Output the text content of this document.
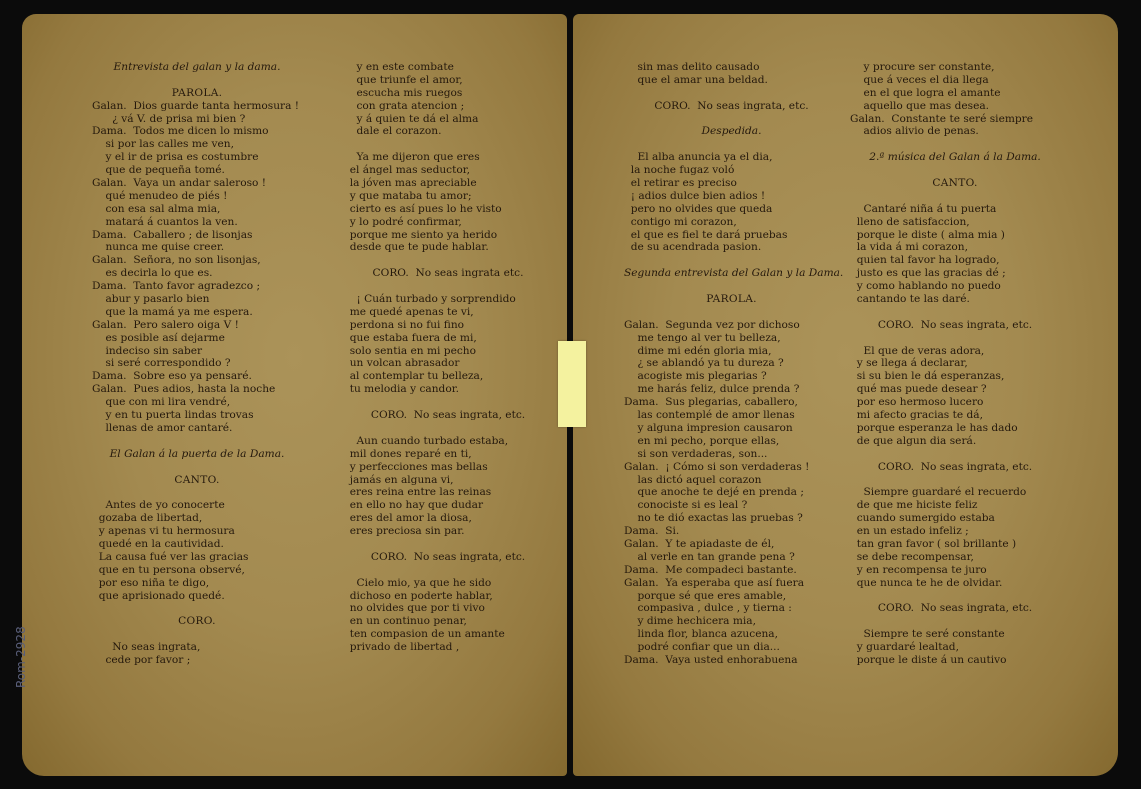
Entrevista del galan y la dama.
PAROLA.
Galan.  Dios guarde tanta hermosura !
¿ vá V. de prisa mi bien ?
Dama.  Todos me dicen lo mismo
si por las calles me ven,
y el ir de prisa es costumbre
que de pequeña tomé.
Galan.  Vaya un andar saleroso !
qué menudeo de piés !
con esa sal alma mia,
matará á cuantos la ven.
Dama.  Caballero ; de lisonjas
nunca me quise creer.
Galan.  Señora, no son lisonjas,
es decirla lo que es.
Dama.  Tanto favor agradezco ;
abur y pasarlo bien
que la mamá ya me espera.
Galan.  Pero salero oiga V !
es posible así dejarme
indeciso sin saber
si seré correspondido ?
Dama.  Sobre eso ya pensaré.
Galan.  Pues adios, hasta la noche
que con mi lira vendré,
y en tu puerta lindas trovas
llenas de amor cantaré.
El Galan á la puerta de la Dama.
CANTO.
Antes de yo conocerte
gozaba de libertad,
y apenas vi tu hermosura
quedé en la cautividad.
La causa fué ver las gracias
que en tu persona observé,
por eso niña te digo,
que aprisionado quedé.
CORO.
No seas ingrata,
cede por favor ;
y en este combate
que triunfe el amor,
escucha mis ruegos
con grata atencion ;
y á quien te dá el alma
dale el corazon.
Ya me dijeron que eres
el ángel mas seductor,
la jóven mas apreciable
y que mataba tu amor;
cierto es así pues lo he visto
y lo podré confirmar,
porque me siento ya herido
desde que te pude hablar.
CORO.  No seas ingrata etc.
¡ Cuán turbado y sorprendido
me quedé apenas te vi,
perdona si no fui fino
que estaba fuera de mi,
solo sentia en mi pecho
un volcan abrasador
al contemplar tu belleza,
tu melodia y candor.
CORO.  No seas ingrata, etc.
Aun cuando turbado estaba,
mil dones reparé en ti,
y perfecciones mas bellas
jamás en alguna vi,
eres reina entre las reinas
en ello no hay que dudar
eres del amor la diosa,
eres preciosa sin par.
CORO.  No seas ingrata, etc.
Cielo mio, ya que he sido
dichoso en poderte hablar,
no olvides que por ti vivo
en un continuo penar,
ten compasion de un amante
privado de libertad ,
sin mas delito causado
que el amar una beldad.
CORO.  No seas ingrata, etc.
Despedida.
El alba anuncia ya el dia,
la noche fugaz voló
el retirar es preciso
¡ adios dulce bien adios !
pero no olvides que queda
contigo mi corazon,
el que es fiel te dará pruebas
de su acendrada pasion.
Segunda entrevista del Galan y la Dama.
PAROLA.
Galan.  Segunda vez por dichoso
me tengo al ver tu belleza,
dime mi edén gloria mia,
¿ se ablandó ya tu dureza ?
acogiste mis plegarias ?
me harás feliz, dulce prenda ?
Dama.  Sus plegarias, caballero,
las contemplé de amor llenas
y alguna impresion causaron
en mi pecho, porque ellas,
si son verdaderas, son...
Galan.  ¡ Cómo si son verdaderas !
las dictó aquel corazon
que anoche te dejé en prenda ;
conociste si es leal ?
no te dió exactas las pruebas ?
Dama.  Si.
Galan.  Y te apiadaste de él,
al verle en tan grande pena ?
Dama.  Me compadeci bastante.
Galan.  Ya esperaba que así fuera
porque sé que eres amable,
compasiva , dulce , y tierna :
y dime hechicera mia,
linda flor, blanca azucena,
podré confiar que un dia...
Dama.  Vaya usted enhorabuena
y procure ser constante,
que á veces el dia llega
en el que logra el amante
aquello que mas desea.
Galan.  Constante te seré siempre
adios alivio de penas.
2.ª música del Galan á la Dama.
CANTO.
Cantaré niña á tu puerta
lleno de satisfaccion,
porque le diste ( alma mia )
la vida á mi corazon,
quien tal favor ha logrado,
justo es que las gracias dé ;
y como hablando no puedo
cantando te las daré.
CORO.  No seas ingrata, etc.
El que de veras adora,
y se llega á declarar,
si su bien le dá esperanzas,
qué mas puede desear ?
por eso hermoso lucero
mi afecto gracias te dá,
porque esperanza le has dado
de que algun dia será.
CORO.  No seas ingrata, etc.
Siempre guardaré el recuerdo
de que me hiciste feliz
cuando sumergido estaba
en un estado infeliz ;
tan gran favor ( sol brillante )
se debe recompensar,
y en recompensa te juro
que nunca te he de olvidar.
CORO.  No seas ingrata, etc.
Siempre te seré constante
y guardaré lealtad,
porque le diste á un cautivo
Rom-2928
